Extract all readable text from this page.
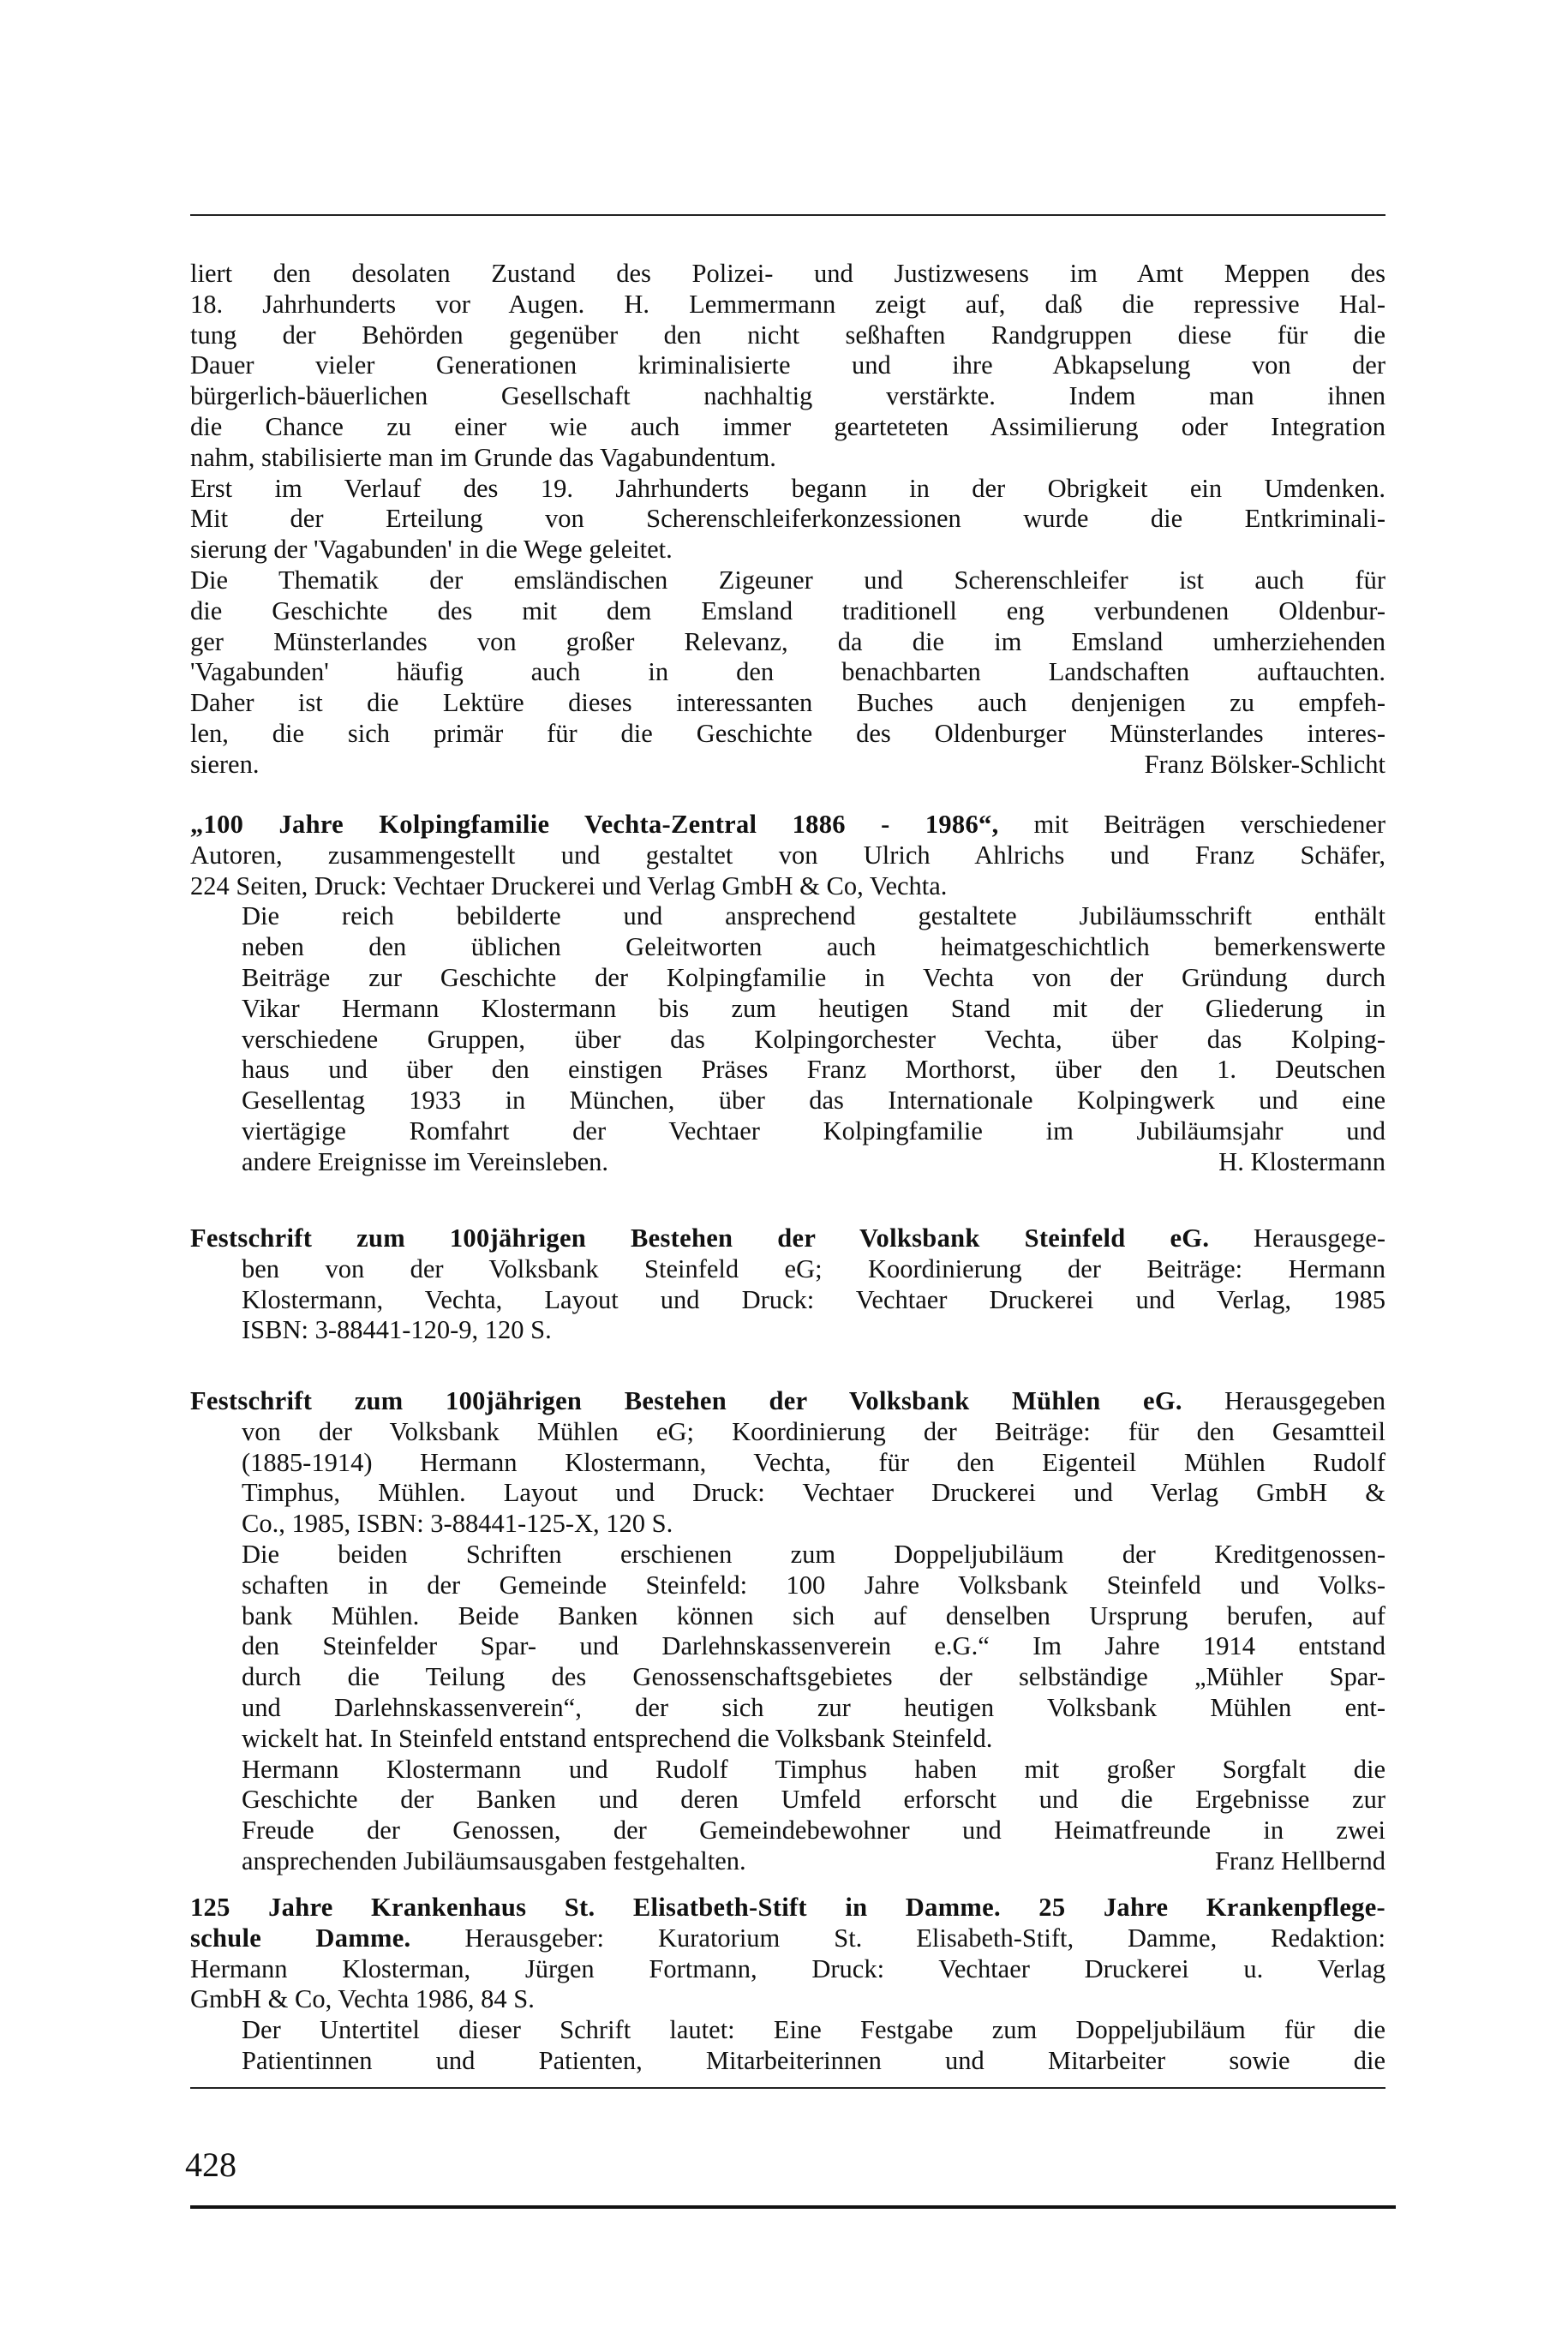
liert den desolaten Zustand des Polizei- und Justizwesens im Amt Meppen des

18. Jahrhunderts vor Augen. H. Lemmermann zeigt auf, daß die repressive Hal-

tung der Behörden gegenüber den nicht seßhaften Randgruppen diese für die

Dauer vieler Generationen kriminalisierte und ihre Abkapselung von der

bürgerlich-bäuerlichen Gesellschaft nachhaltig verstärkte. Indem man ihnen

die Chance zu einer wie auch immer gearteteten Assimilierung oder Integration

nahm, stabilisierte man im Grunde das Vagabundentum.

Erst im Verlauf des 19. Jahrhunderts begann in der Obrigkeit ein Umdenken.

Mit der Erteilung von Scherenschleiferkonzessionen wurde die Entkriminali-

sierung der 'Vagabunden' in die Wege geleitet.

Die Thematik der emsländischen Zigeuner und Scherenschleifer ist auch für

die Geschichte des mit dem Emsland traditionell eng verbundenen Oldenbur-

ger Münsterlandes von großer Relevanz, da die im Emsland umherziehenden

'Vagabunden' häufig auch in den benachbarten Landschaften auftauchten.

Daher ist die Lektüre dieses interessanten Buches auch denjenigen zu empfeh-

len, die sich primär für die Geschichte des Oldenburger Münsterlandes interes-

sieren.	Franz Bölsker-Schlicht

„100 Jahre Kolpingfamilie Vechta-Zentral 1886 - 1986“, mit Beiträgen verschiedener

Autoren, zusammengestellt und gestaltet von Ulrich Ahlrichs und Franz Schäfer,

224 Seiten, Druck: Vechtaer Druckerei und Verlag GmbH & Co, Vechta.

Die reich bebilderte und ansprechend gestaltete Jubiläumsschrift enthält

neben den üblichen Geleitworten auch heimatgeschichtlich bemerkenswerte

Beiträge zur Geschichte der Kolpingfamilie in Vechta von der Gründung durch

Vikar Hermann Klostermann bis zum heutigen Stand mit der Gliederung in

verschiedene Gruppen, über das Kolpingorchester Vechta, über das Kolping-

haus und über den einstigen Präses Franz Morthorst, über den 1. Deutschen

Gesellentag 1933 in München, über das Internationale Kolpingwerk und eine

viertägige Romfahrt der Vechtaer Kolpingfamilie im Jubiläumsjahr und

andere Ereignisse im Vereinsleben.	H. Klostermann

Festschrift zum 100jährigen Bestehen der Volksbank Steinfeld eG. Herausgege-

ben von der Volksbank Steinfeld eG; Koordinierung der Beiträge: Hermann

Klostermann, Vechta, Layout und Druck: Vechtaer Druckerei und Verlag, 1985

ISBN: 3-88441-120-9, 120 S.

Festschrift zum 100jährigen Bestehen der Volksbank Mühlen eG. Herausgegeben

von der Volksbank Mühlen eG; Koordinierung der Beiträge: für den Gesamtteil

(1885-1914) Hermann Klostermann, Vechta, für den Eigenteil Mühlen Rudolf

Timphus, Mühlen. Layout und Druck: Vechtaer Druckerei und Verlag GmbH &

Co., 1985, ISBN: 3-88441-125-X, 120 S.

Die beiden Schriften erschienen zum Doppeljubiläum der Kreditgenossen-

schaften in der Gemeinde Steinfeld: 100 Jahre Volksbank Steinfeld und Volks-

bank Mühlen. Beide Banken können sich auf denselben Ursprung berufen, auf

den Steinfelder Spar- und Darlehnskassenverein e.G.“ Im Jahre 1914 entstand

durch die Teilung des Genossenschaftsgebietes der selbständige „Mühler Spar-

und Darlehnskassenverein“, der sich zur heutigen Volksbank Mühlen ent-

wickelt hat. In Steinfeld entstand entsprechend die Volksbank Steinfeld.

Hermann Klostermann und Rudolf Timphus haben mit großer Sorgfalt die

Geschichte der Banken und deren Umfeld erforscht und die Ergebnisse zur

Freude der Genossen, der Gemeindebewohner und Heimatfreunde in zwei

ansprechenden Jubiläumsausgaben festgehalten.	Franz Hellbernd

125 Jahre Krankenhaus St. Elisatbeth-Stift in Damme. 25 Jahre Krankenpflege-

schule Damme. Herausgeber: Kuratorium St. Elisabeth-Stift, Damme, Redaktion:

Hermann Klosterman, Jürgen Fortmann, Druck: Vechtaer Druckerei u. Verlag

GmbH & Co, Vechta 1986, 84 S.

Der Untertitel dieser Schrift lautet: Eine Festgabe zum Doppeljubiläum für die

Patientinnen und Patienten, Mitarbeiterinnen und Mitarbeiter sowie die

428
